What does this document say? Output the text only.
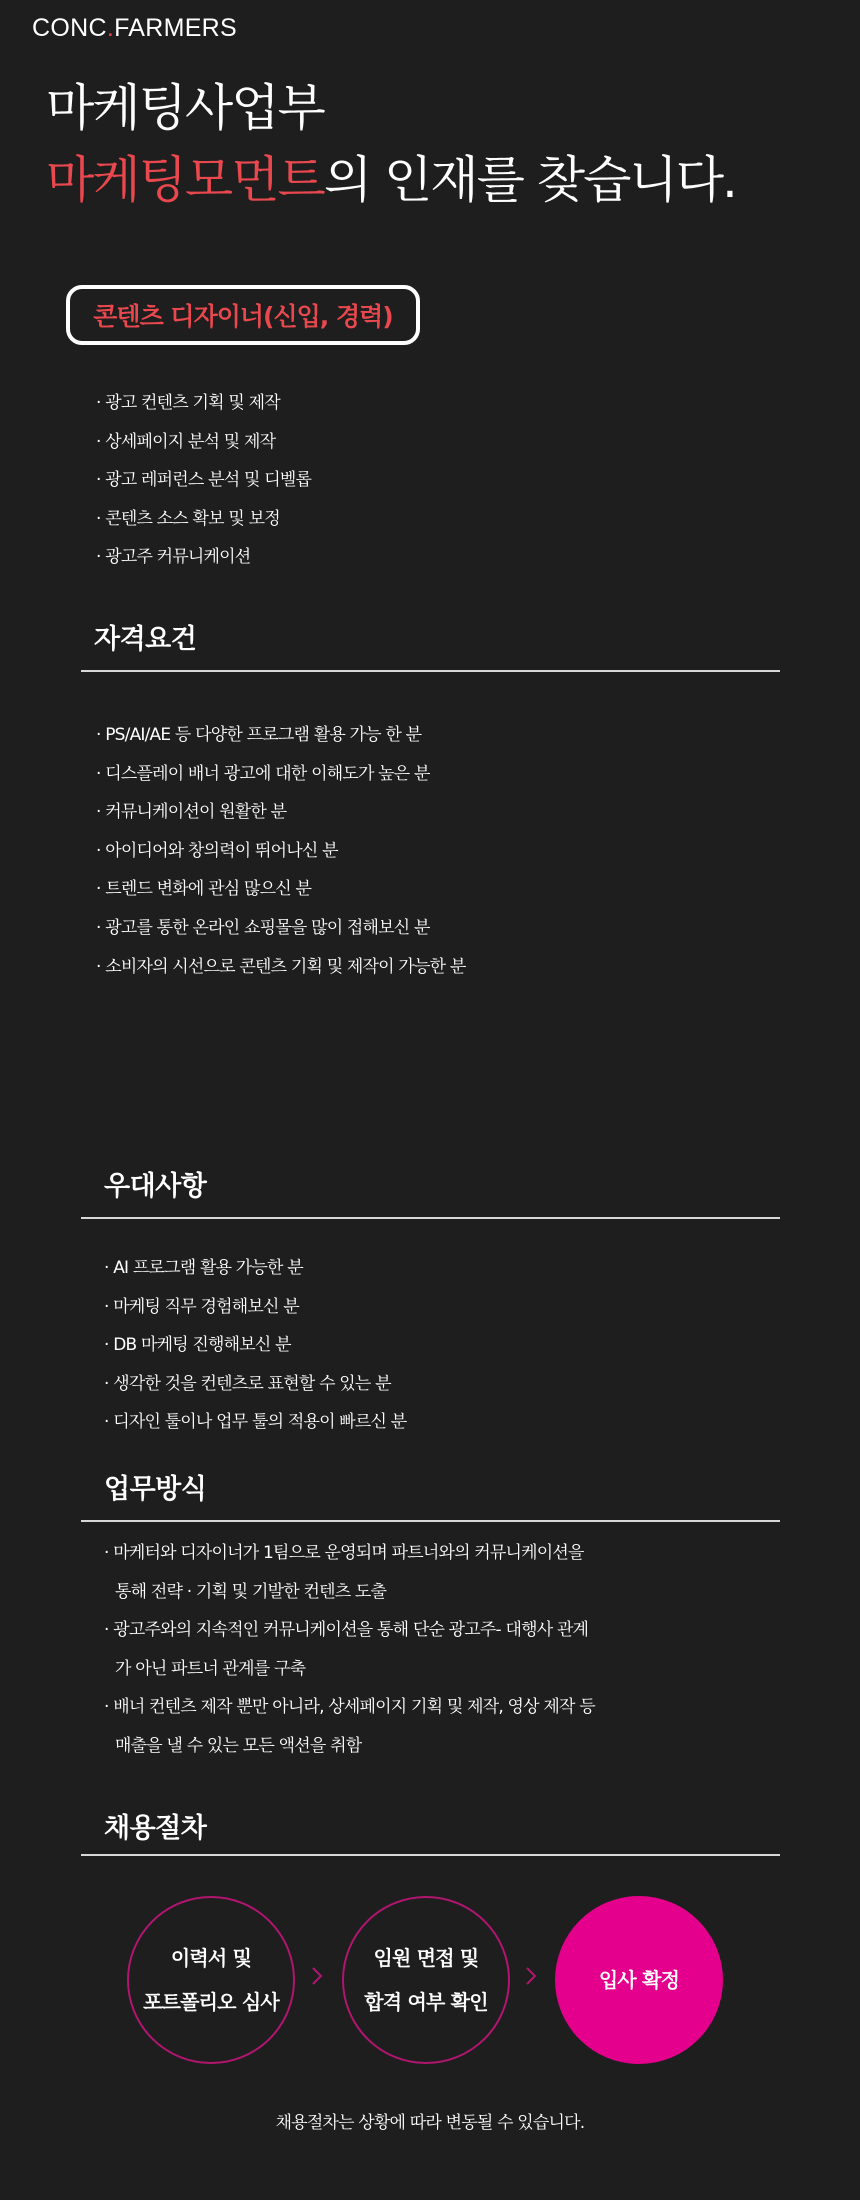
CONC.FARMERS
마케팅사업부
마케팅모먼트의 인재를 찾습니다.
콘텐츠 디자이너(신입, 경력)
· 광고 컨텐츠 기획 및 제작
· 상세페이지 분석 및 제작
· 광고 레퍼런스 분석 및 디벨롭
· 콘텐츠 소스 확보 및 보정
· 광고주 커뮤니케이션
자격요건
· PS/AI/AE 등 다양한 프로그램 활용 가능 한 분
· 디스플레이 배너 광고에 대한 이해도가 높은 분
· 커뮤니케이션이 원활한 분
· 아이디어와 창의력이 뛰어나신 분
· 트렌드 변화에 관심 많으신 분
· 광고를 통한 온라인 쇼핑몰을 많이 접해보신 분
· 소비자의 시선으로 콘텐츠 기획 및 제작이 가능한 분
우대사항
· AI 프로그램 활용 가능한 분
· 마케팅 직무 경험해보신 분
· DB 마케팅 진행해보신 분
· 생각한 것을 컨텐츠로 표현할 수 있는 분
· 디자인 툴이나 업무 툴의 적용이 빠르신 분
업무방식
· 마케터와 디자이너가 1팀으로 운영되며 파트너와의 커뮤니케이션을
통해 전략 · 기획 및 기발한 컨텐츠 도출
· 광고주와의 지속적인 커뮤니케이션을 통해 단순 광고주- 대행사 관계
가 아닌 파트너 관계를 구축
· 배너 컨텐츠 제작 뿐만 아니라, 상세페이지 기획 및 제작, 영상 제작 등
매출을 낼 수 있는 모든 액션을 취함
채용절차
이력서 및
포트폴리오 심사
임원 면접 및
합격 여부 확인
입사 확정
채용절차는 상황에 따라 변동될 수 있습니다.
